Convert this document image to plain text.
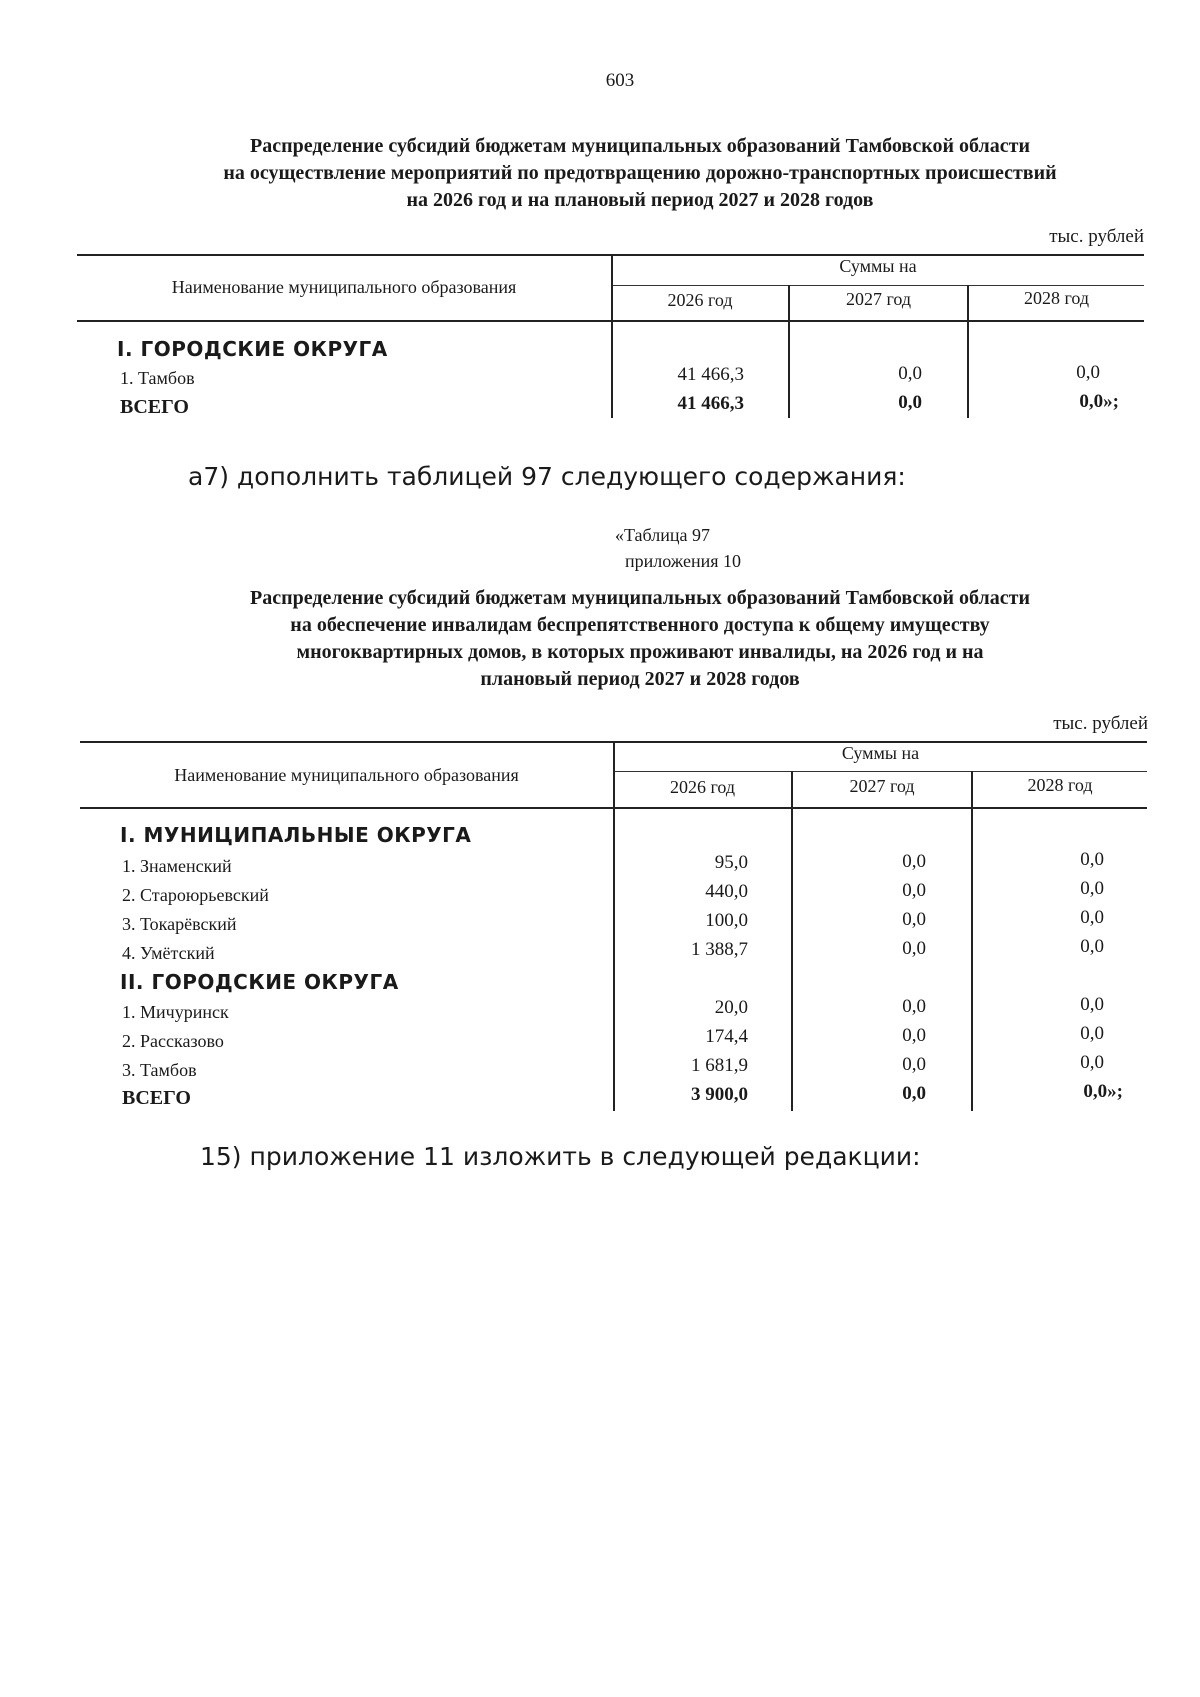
603
Распределение субсидий бюджетам муниципальных образований Тамбовской области
на осуществление мероприятий по предотвращению дорожно-транспортных происшествий
на 2026 год и на плановый период 2027 и 2028 годов
тыс. рублей
Наименование муниципального образования
Суммы на
2026 год	2027 год	2028 год
I. ГОРОДСКИЕ ОКРУГА
1. Тамбов	41 466,3	0,0	0,0
ВСЕГО	41 466,3	0,0	0,0»;
а7) дополнить таблицей 97 следующего содержания:
«Таблица 97
приложения 10
Распределение субсидий бюджетам муниципальных образований Тамбовской области
на обеспечение инвалидам беспрепятственного доступа к общему имуществу
многоквартирных домов, в которых проживают инвалиды, на 2026 год и на
плановый период 2027 и 2028 годов
тыс. рублей
Наименование муниципального образования
Суммы на
2026 год	2027 год	2028 год
I. МУНИЦИПАЛЬНЫЕ ОКРУГА
1. Знаменский	95,0	0,0	0,0
2. Староюрьевский	440,0	0,0	0,0
3. Токарёвский	100,0	0,0	0,0
4. Умётский	1 388,7	0,0	0,0
II. ГОРОДСКИЕ ОКРУГА
1. Мичуринск	20,0	0,0	0,0
2. Рассказово	174,4	0,0	0,0
3. Тамбов	1 681,9	0,0	0,0
ВСЕГО	3 900,0	0,0	0,0»;
15) приложение 11 изложить в следующей редакции:
